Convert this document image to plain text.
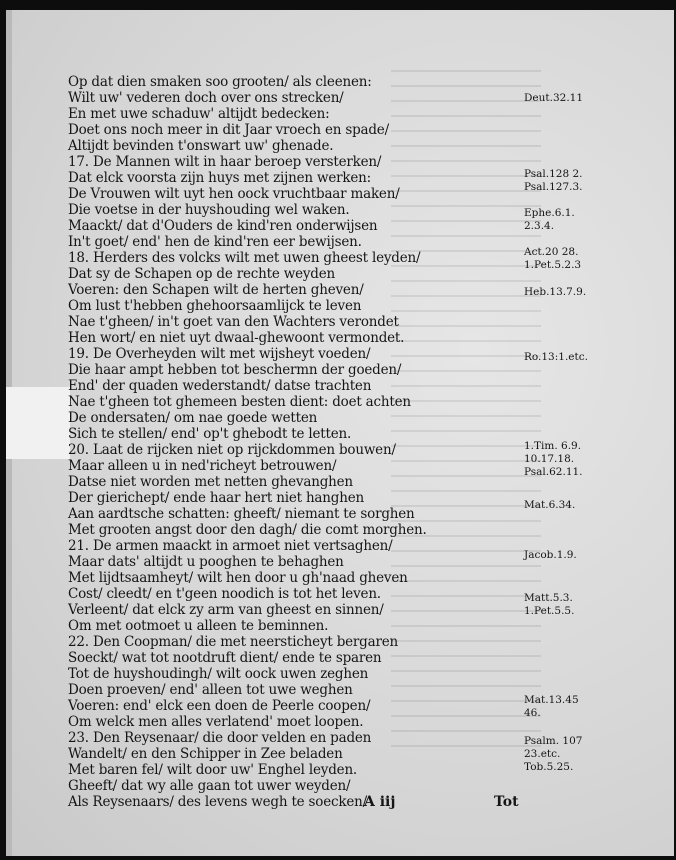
Op dat dien smaken soo grooten/ als cleenen:
Wilt uw' vederen doch over ons strecken/
En met uwe schaduw' altijdt bedecken:
Doet ons noch meer in dit Jaar vroech en spade/
Altijdt bevinden t'onswart uw' ghenade.
17. De Mannen wilt in haar beroep versterken/
Dat elck voorsta zijn huys met zijnen werken:
De Vrouwen wilt uyt hen oock vruchtbaar maken/
Die voetse in der huyshouding wel waken.
Maackt/ dat d'Ouders de kind'ren onderwijsen
In't goet/ end' hen de kind'ren eer bewijsen.
18. Herders des volcks wilt met uwen gheest leyden/
Dat sy de Schapen op de rechte weyden
Voeren: den Schapen wilt de herten gheven/
Om lust t'hebben ghehoorsaamlijck te leven
Nae t'gheen/ in't goet van den Wachters verondet
Hen wort/ en niet uyt dwaal-ghewoont vermondet.
19. De Overheyden wilt met wijsheyt voeden/
Die haar ampt hebben tot beschermn der goeden/
End' der quaden wederstandt/ datse trachten
Nae t'gheen tot ghemeen besten dient: doet achten
De ondersaten/ om nae goede wetten
Sich te stellen/ end' op't ghebodt te letten.
20. Laat de rijcken niet op rijckdommen bouwen/
Maar alleen u in ned'richeyt betrouwen/
Datse niet worden met netten ghevanghen
Der gierichept/ ende haar hert niet hanghen
Aan aardtsche schatten: gheeft/ niemant te sorghen
Met grooten angst door den dagh/ die comt morghen.
21. De armen maackt in armoet niet vertsaghen/
Maar dats' altijdt u pooghen te behaghen
Met lijdtsaamheyt/ wilt hen door u gh'naad gheven
Cost/ cleedt/ en t'geen noodich is tot het leven.
Verleent/ dat elck zy arm van gheest en sinnen/
Om met ootmoet u alleen te beminnen.
22. Den Coopman/ die met neersticheyt bergaren
Soeckt/ wat tot nootdruft dient/ ende te sparen
Tot de huyshoudingh/ wilt oock uwen zeghen
Doen proeven/ end' alleen tot uwe weghen
Voeren: end' elck een doen de Peerle coopen/
Om welck men alles verlatend' moet loopen.
23. Den Reysenaar/ die door velden en paden
Wandelt/ en den Schipper in Zee beladen
Met baren fel/ wilt door uw' Enghel leyden.
Gheeft/ dat wy alle gaan tot uwer weyden/
Als Reysenaars/ des levens wegh te soecken/
Deut.32.11
Psal.128 2.
Psal.127.3.
Ephe.6.1.
2.3.4.
Act.20 28.
1.Pet.5.2.3
Heb.13.7.9.
Ro.13:1.etc.
1.Tim. 6.9.
10.17.18.
Psal.62.11.
Mat.6.34.
Jacob.1.9.
Matt.5.3.
1.Pet.5.5.
Mat.13.45
46.
Psalm. 107
23.etc.
Tob.5.25.
A iij	Tot
